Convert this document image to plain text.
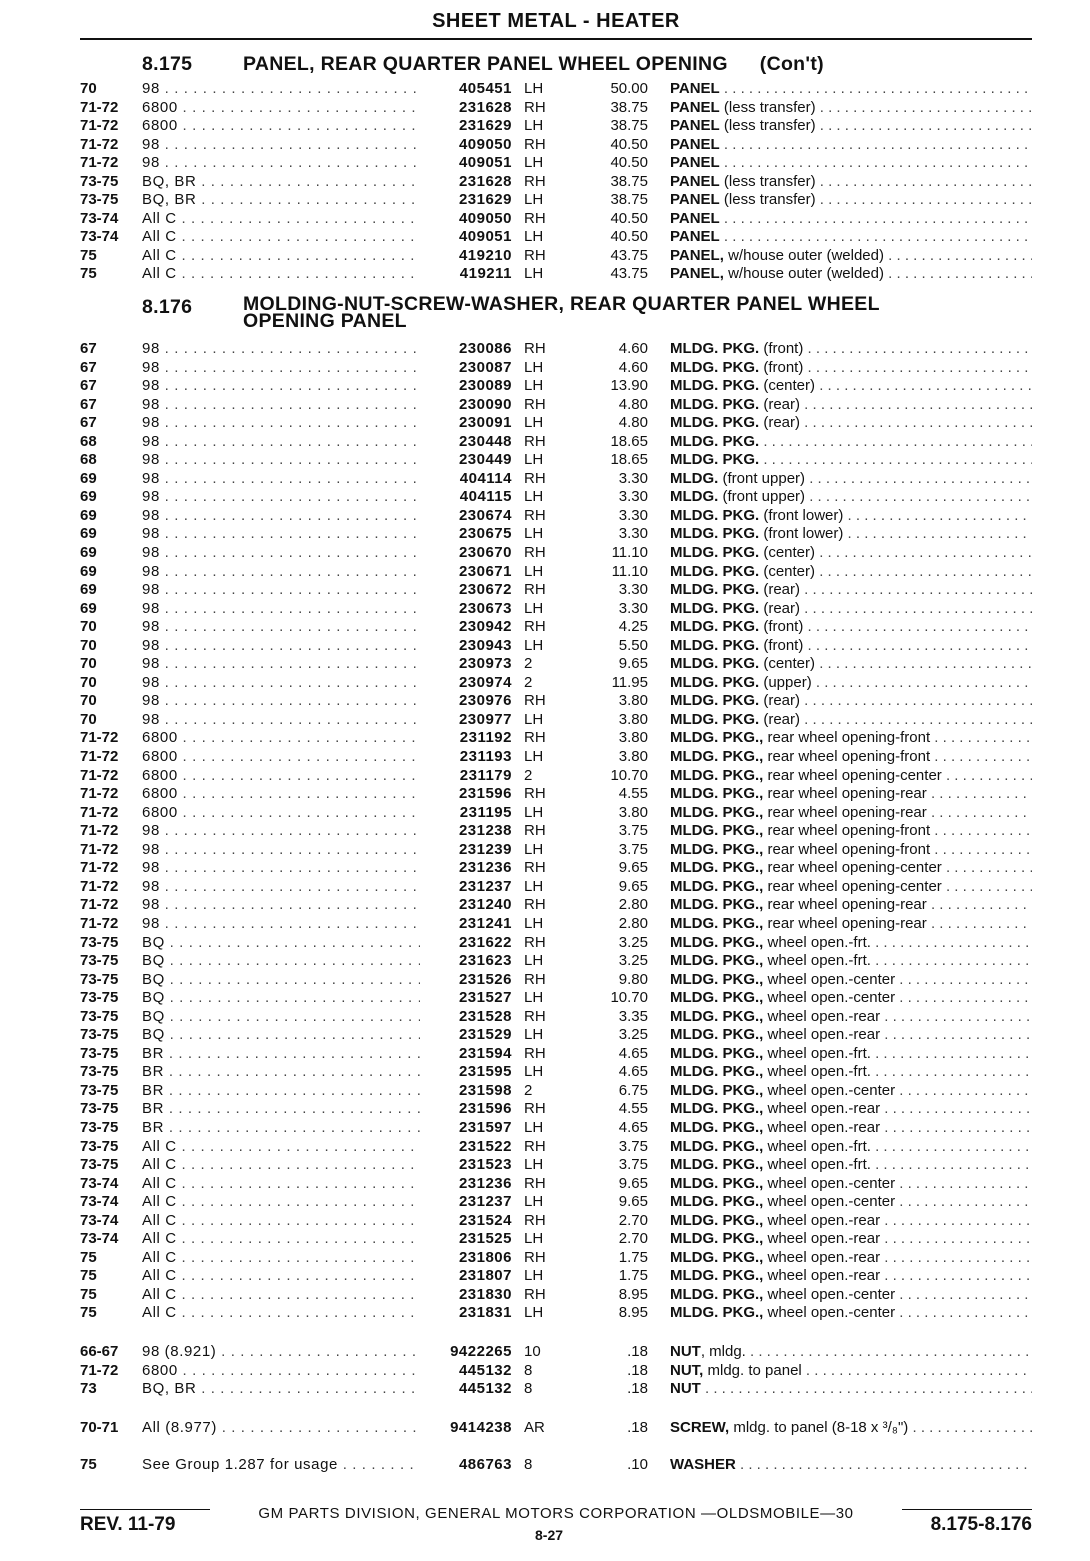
SHEET METAL - HEATER
8.175	PANEL, REAR QUARTER PANEL WHEEL OPENING (Con't)
70	98 . . .	405451 LH	50.00 PANEL . . .
71-72	6800 . . .	231628 RH	38.75 PANEL (less transfer) . . .
71-72	6800 . . .	231629 LH	38.75 PANEL (less transfer) . . .
71-72	98 . . .	409050 RH	40.50 PANEL . . .
71-72	98 . . .	409051 LH	40.50 PANEL . . .
73-75	BQ, BR . . .	231628 RH	38.75 PANEL (less transfer) . . .
73-75	BQ, BR . . .	231629 LH	38.75 PANEL (less transfer) . . .
73-74	All C . . .	409050 RH	40.50 PANEL . . .
73-74	All C . . .	409051 LH	40.50 PANEL . . .
75	All C . . .	419210 RH	43.75 PANEL, w/house outer (welded) . . .
75	All C . . .	419211 LH	43.75 PANEL, w/house outer (welded) . . .
8.176	MOLDING-NUT-SCREW-WASHER, REAR QUARTER PANEL WHEEL
OPENING PANEL
67	98 . . .	230086 RH	4.60 MLDG. PKG. (front) . . .
67	98 . . .	230087 LH	4.60 MLDG. PKG. (front) . . .
67	98 . . .	230089 LH	13.90 MLDG. PKG. (center) . . .
67	98 . . .	230090 RH	4.80 MLDG. PKG. (rear) . . .
67	98 . . .	230091 LH	4.80 MLDG. PKG. (rear) . . .
68	98 . . .	230448 RH	18.65 MLDG. PKG. . . .
68	98 . . .	230449 LH	18.65 MLDG. PKG. . . .
69	98 . . .	404114 RH	3.30 MLDG. (front upper) . . .
69	98 . . .	404115 LH	3.30 MLDG. (front upper) . . .
69	98 . . .	230674 RH	3.30 MLDG. PKG. (front lower) . . .
69	98 . . .	230675 LH	3.30 MLDG. PKG. (front lower) . . .
69	98 . . .	230670 RH	11.10 MLDG. PKG. (center) . . .
69	98 . . .	230671 LH	11.10 MLDG. PKG. (center) . . .
69	98 . . .	230672 RH	3.30 MLDG. PKG. (rear) . . .
69	98 . . .	230673 LH	3.30 MLDG. PKG. (rear) . . .
70	98 . . .	230942 RH	4.25 MLDG. PKG. (front) . . .
70	98 . . .	230943 LH	5.50 MLDG. PKG. (front) . . .
70	98 . . .	230973 2	9.65 MLDG. PKG. (center) . . .
70	98 . . .	230974 2	11.95 MLDG. PKG. (upper) . . .
70	98 . . .	230976 RH	3.80 MLDG. PKG. (rear) . . .
70	98 . . .	230977 LH	3.80 MLDG. PKG. (rear) . . .
71-72	6800 . . .	231192 RH	3.80 MLDG. PKG., rear wheel opening-front . . .
71-72	6800 . . .	231193 LH	3.80 MLDG. PKG., rear wheel opening-front . . .
71-72	6800 . . .	231179 2	10.70 MLDG. PKG., rear wheel opening-center . . .
71-72	6800 . . .	231596 RH	4.55 MLDG. PKG., rear wheel opening-rear . . .
71-72	6800 . . .	231195 LH	3.80 MLDG. PKG., rear wheel opening-rear . . .
71-72	98 . . .	231238 RH	3.75 MLDG. PKG., rear wheel opening-front . . .
71-72	98 . . .	231239 LH	3.75 MLDG. PKG., rear wheel opening-front . . .
71-72	98 . . .	231236 RH	9.65 MLDG. PKG., rear wheel opening-center . . .
71-72	98 . . .	231237 LH	9.65 MLDG. PKG., rear wheel opening-center . . .
71-72	98 . . .	231240 RH	2.80 MLDG. PKG., rear wheel opening-rear . . .
71-72	98 . . .	231241 LH	2.80 MLDG. PKG., rear wheel opening-rear . . .
73-75	BQ . . .	231622 RH	3.25 MLDG. PKG., wheel open.-frt. . . .
73-75	BQ . . .	231623 LH	3.25 MLDG. PKG., wheel open.-frt. . . .
73-75	BQ . . .	231526 RH	9.80 MLDG. PKG., wheel open.-center . . .
73-75	BQ . . .	231527 LH	10.70 MLDG. PKG., wheel open.-center . . .
73-75	BQ . . .	231528 RH	3.35 MLDG. PKG., wheel open.-rear . . .
73-75	BQ . . .	231529 LH	3.25 MLDG. PKG., wheel open.-rear . . .
73-75	BR . . .	231594 RH	4.65 MLDG. PKG., wheel open.-frt. . . .
73-75	BR . . .	231595 LH	4.65 MLDG. PKG., wheel open.-frt. . . .
73-75	BR . . .	231598 2	6.75 MLDG. PKG., wheel open.-center . . .
73-75	BR . . .	231596 RH	4.55 MLDG. PKG., wheel open.-rear . . .
73-75	BR . . .	231597 LH	4.65 MLDG. PKG., wheel open.-rear . . .
73-75	All C . . .	231522 RH	3.75 MLDG. PKG., wheel open.-frt. . . .
73-75	All C . . .	231523 LH	3.75 MLDG. PKG., wheel open.-frt. . . .
73-74	All C . . .	231236 RH	9.65 MLDG. PKG., wheel open.-center . . .
73-74	All C . . .	231237 LH	9.65 MLDG. PKG., wheel open.-center . . .
73-74	All C . . .	231524 RH	2.70 MLDG. PKG., wheel open.-rear . . .
73-74	All C . . .	231525 LH	2.70 MLDG. PKG., wheel open.-rear . . .
75	All C . . .	231806 RH	1.75 MLDG. PKG., wheel open.-rear . . .
75	All C . . .	231807 LH	1.75 MLDG. PKG., wheel open.-rear . . .
75	All C . . .	231830 RH	8.95 MLDG. PKG., wheel open.-center . . .
75	All C . . .	231831 LH	8.95 MLDG. PKG., wheel open.-center . . .
66-67	98 (8.921) . . .	9422265 10	.18 NUT, mldg. . . .
71-72	6800 . . .	445132 8	.18 NUT, mldg. to panel . . .
73	BQ, BR . . .	445132 8	.18 NUT . . .
70-71	All (8.977) . . .	9414238 AR	.18 SCREW, mldg. to panel (8-18 x ³/₈") . . .
75	See Group 1.287 for usage . . .	486763 8	.10 WASHER . . .
GM PARTS DIVISION, GENERAL MOTORS CORPORATION —OLDSMOBILE—30
REV. 11-79	8-27	8.175-8.176
